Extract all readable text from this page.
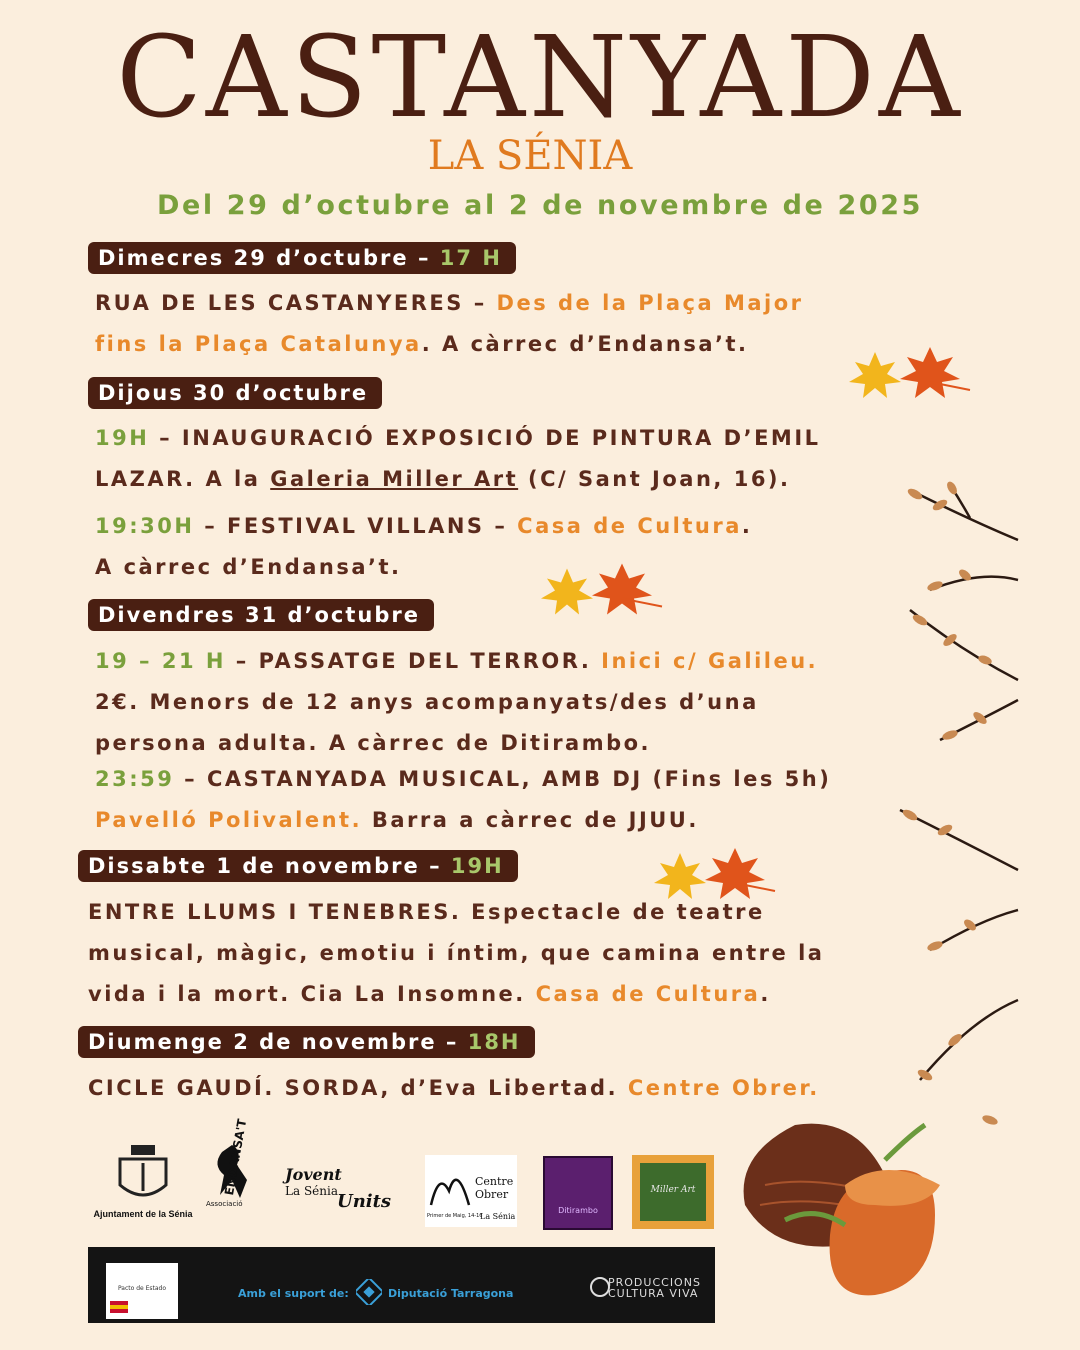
CASTANYADA
LA SÉNIA
Del 29 d’octubre al 2 de novembre de 2025
Dimecres 29 d’octubre – 17 H
RUA DE LES CASTANYERES – Des de la Plaça Major
fins la Plaça Catalunya. A càrrec d’Endansa’t.
Dijous 30 d’octubre
19H – INAUGURACIÓ EXPOSICIÓ DE PINTURA D’EMIL
LAZAR. A la Galeria Miller Art (C/ Sant Joan, 16).
19:30H – FESTIVAL VILLANS – Casa de Cultura.
A càrrec d’Endansa’t.
Divendres 31 d’octubre
19 – 21 H – PASSATGE DEL TERROR. Inici c/ Galileu.
2€. Menors de 12 anys acompanyats/des d’una
persona adulta. A càrrec de Ditirambo.
23:59 – CASTANYADA MUSICAL, AMB DJ (Fins les 5h)
Pavelló Polivalent. Barra a càrrec de JJUU.
Dissabte 1 de novembre – 19H
ENTRE LLUMS I TENEBRES. Espectacle de teatre
musical, màgic, emotiu i íntim, que camina entre la
vida i la mort. Cia La Insomne. Casa de Cultura.
Diumenge 2 de novembre – 18H
CICLE GAUDÍ. SORDA, d’Eva Libertad. Centre Obrer.
Ajuntament de la Sénia
Associació
ENDANSA'T Jovent
La Sénia Units
Centre
Obrer
Primer de Maig, 14-16
La Sénia
Ditirambo
Miller Art
Pacto de Estado	Amb el suport de:	Diputació Tarragona
PRODUCCIONS
CULTURA VIVA
